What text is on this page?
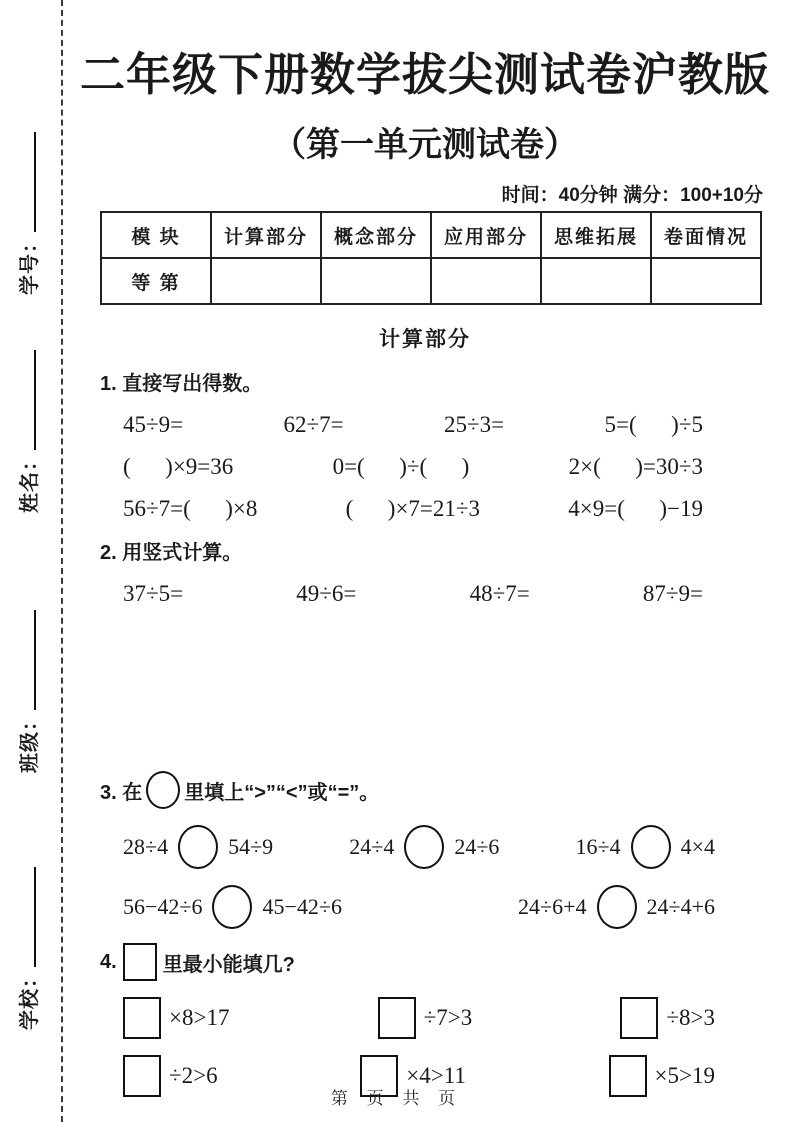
学号：
姓名：
班级：
学校：
二年级下册数学拔尖测试卷沪教版
（第一单元测试卷）
时间：40分钟 满分：100+10分
模 块	计算部分	概念部分	应用部分	思维拓展	卷面情况
等 第					
计算部分
1. 直接写出得数。
45÷9=	62÷7=	25÷3=	5=(      )÷5
(      )×9=36	0=(      )÷(      )	2×(      )=30÷3
56÷7=(      )×8	(      )×7=21÷3	4×9=(      )−19
2. 用竖式计算。
37÷5=	49÷6=	48÷7=	87÷9=
3. 在 里填上“>”“<”或“=”。
28÷4	54÷9	24÷4	24÷6	16÷4	4×4
56−42÷6	45−42÷6	24÷6+4	24÷4+6
4. 里最小能填几?
×8>17	÷7>3	÷8>3
÷2>6	×4>11	×5>19
第 页 共 页
